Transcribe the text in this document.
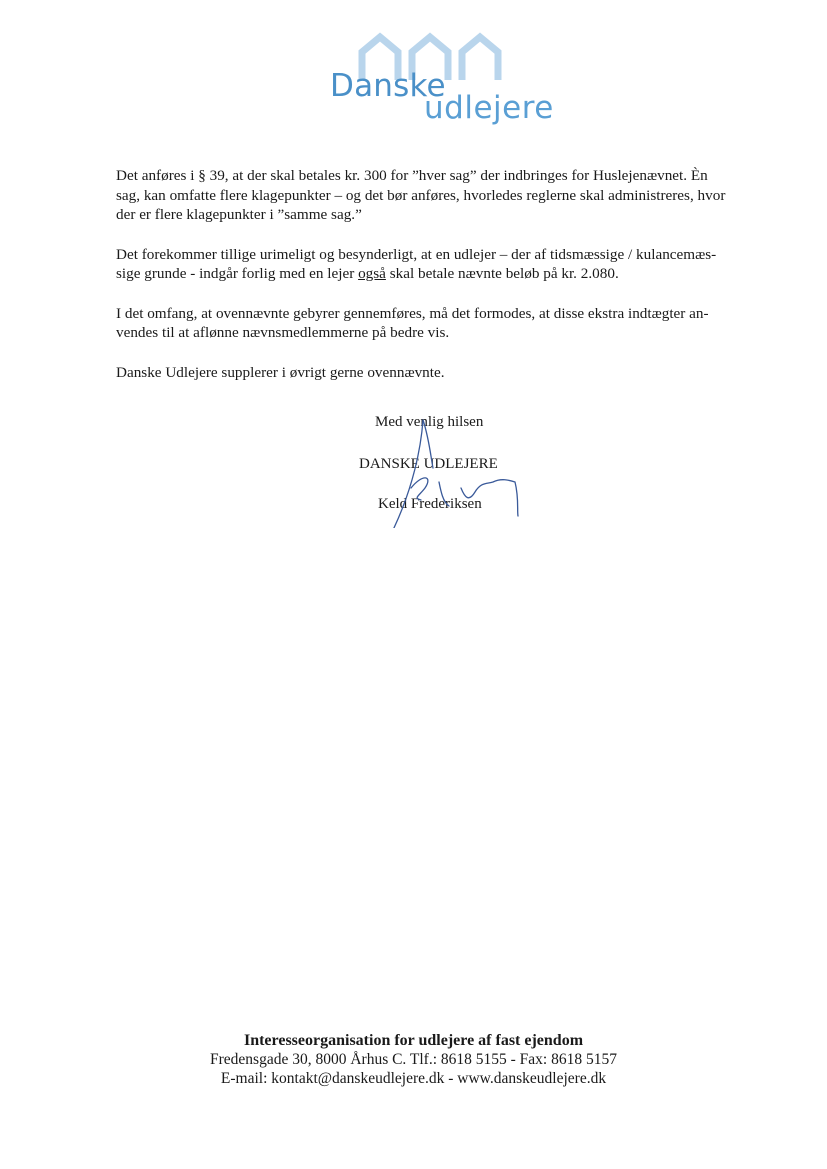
Danske
udlejere

Det anføres i § 39, at der skal betales kr. 300 for ”hver sag” der indbringes for Huslejenævnet. Èn
sag, kan omfatte flere klagepunkter – og det bør anføres, hvorledes reglerne skal administreres, hvor
der er flere klagepunkter i ”samme sag.”

Det forekommer tillige urimeligt og besynderligt, at en udlejer – der af tidsmæssige / kulancemæs-
sige grunde - indgår forlig med en lejer også skal betale nævnte beløb på kr. 2.080.

I det omfang, at ovennævnte gebyrer gennemføres, må det formodes, at disse ekstra indtægter an-
vendes til at aflønne nævnsmedlemmerne på bedre vis.

Danske Udlejere supplerer i øvrigt gerne ovennævnte.

Med venlig hilsen
DANSKE UDLEJERE
Keld Frederiksen
Interesseorganisation for udlejere af fast ejendom
Fredensgade 30, 8000 Århus C. Tlf.: 8618 5155 - Fax: 8618 5157
E-mail: kontakt@danskeudlejere.dk - www.danskeudlejere.dk
